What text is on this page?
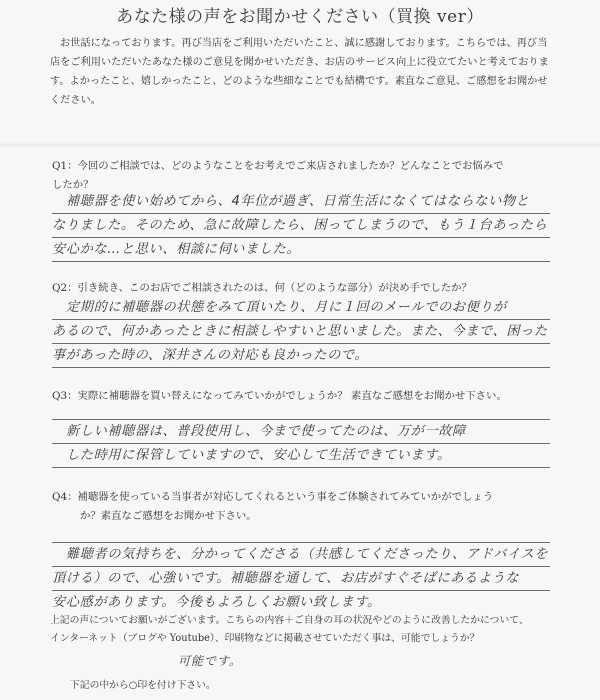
あなた様の声をお聞かせください（買換 ver）
お世話になっております。再び当店をご利用いただいたこと、誠に感謝しております。こちらでは、再び当店をご利用いただいたあなた様のご意見を聞かせいただき、お店のサービス向上に役立てたいと考えております。よかったこと、嬉しかったこと、どのような些細なことでも結構です。素直なご意見、ご感想をお聞かせください。
Q1：今回のご相談では、どのようなことをお考えでご来店されましたか？どんなことでお悩みで
したか？
補聴器を使い始めてから、4年位が過ぎ、日常生活になくてはならない物と
なりました。そのため、急に故障したら、困ってしまうので、もう１台あったら
安心かな…と思い、相談に伺いました。
Q2：引き続き、このお店でご相談されたのは、何（どのような部分）が決め手でしたか？
定期的に補聴器の状態をみて頂いたり、月に１回のメールでのお便りが
あるので、何かあったときに相談しやすいと思いました。また、今まで、困った
事があった時の、深井さんの対応も良かったので。
Q3：実際に補聴器を買い替えになってみていかがでしょうか？ 素直なご感想をお聞かせ下さい。
新しい補聴器は、普段使用し、今まで使ってたのは、万が一故障
した時用に保管していますので、安心して生活できています。
Q4：補聴器を使っている当事者が対応してくれるという事をご体験されてみていかがでしょう
か？素直なご感想をお聞かせ下さい。
難聴者の気持ちを、分かってくださる（共感してくださったり、アドバイスを
頂ける）ので、心強いです。補聴器を通して、お店がすぐそばにあるような
安心感があります。今後もよろしくお願い致します。
上記の声についてお願いがございます。こちらの内容＋ご自身の耳の状況やどのように改善したかについて、
インターネット（ブログや Youtube）、印刷物などに掲載させていただく事は、可能でしょうか？
可能です。
下記の中から○印を付け下さい。
